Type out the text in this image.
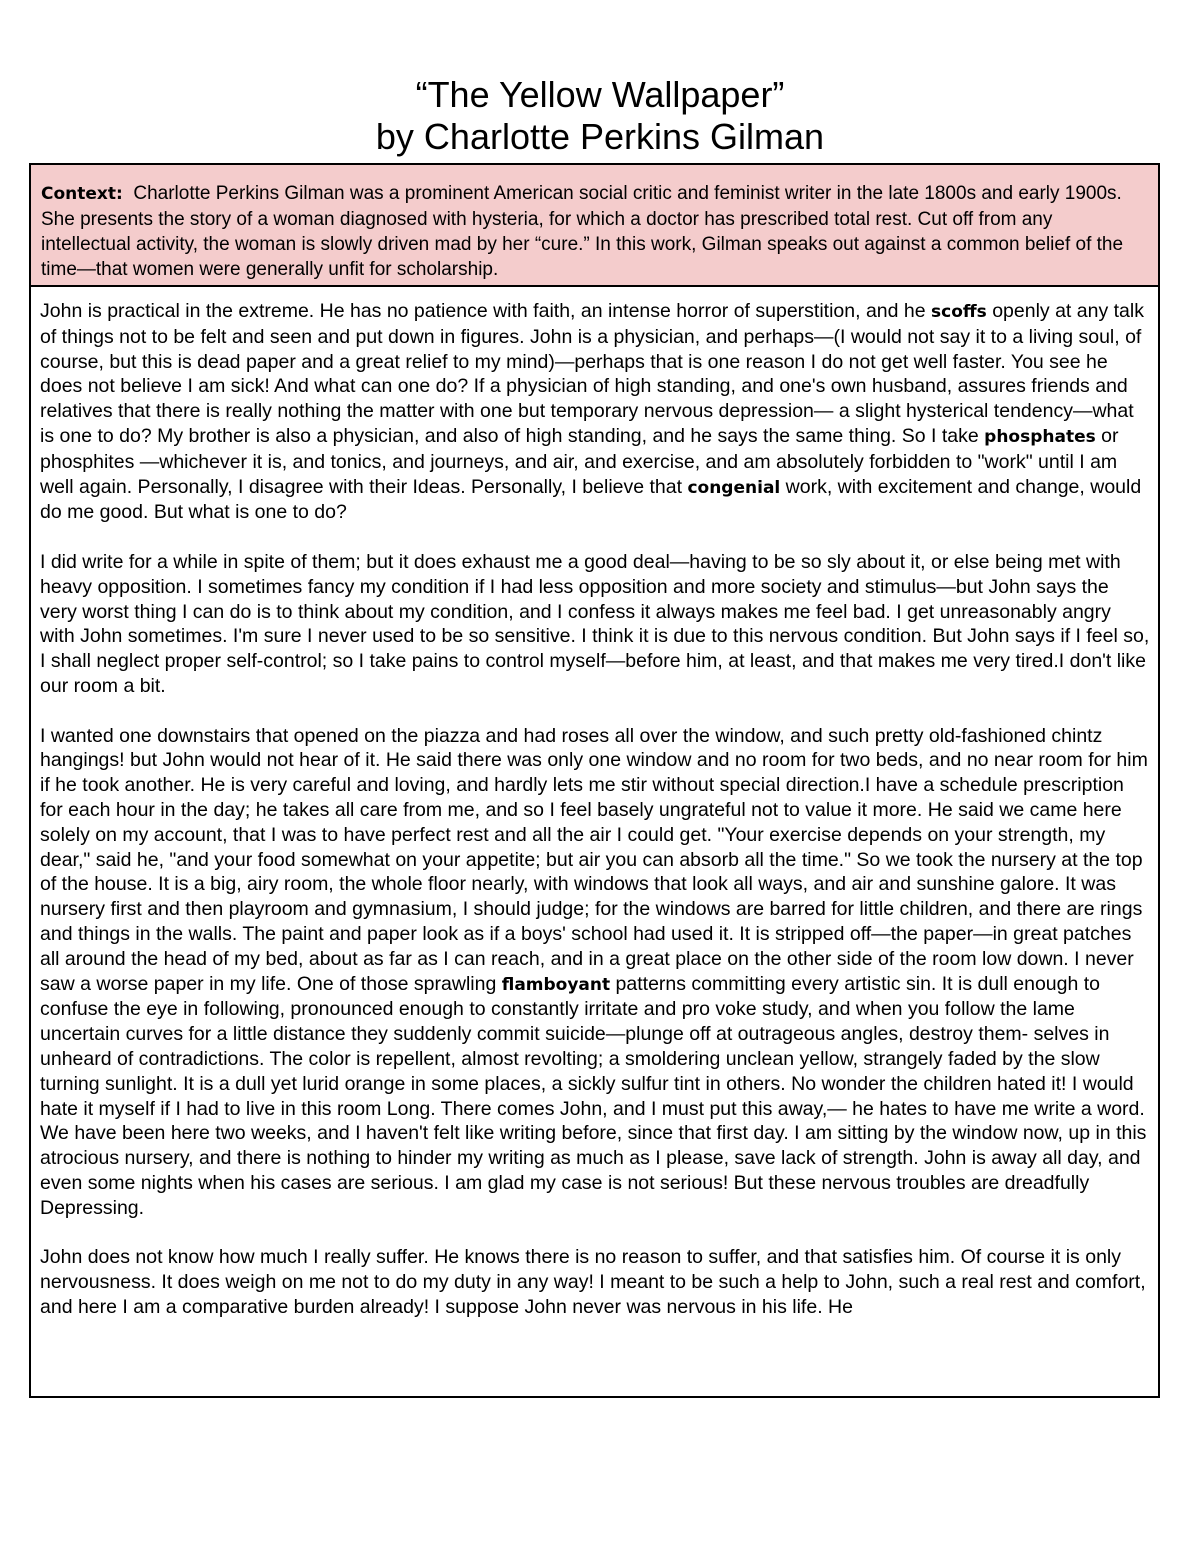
“The Yellow Wallpaper”
by Charlotte Perkins Gilman
Context: Charlotte Perkins Gilman was a prominent American social critic and feminist writer in the late 1800s and early 1900s. She presents the story of a woman diagnosed with hysteria, for which a doctor has prescribed total rest. Cut off from any intellectual activity, the woman is slowly driven mad by her “cure.” In this work, Gilman speaks out against a common belief of the time—that women were generally unfit for scholarship.

John is practical in the extreme. He has no patience with faith, an intense horror of superstition, and he scoffs openly at any talk of things not to be felt and seen and put down in figures. John is a physician, and perhaps—(I would not say it to a living soul, of course, but this is dead paper and a great relief to my mind)—perhaps that is one reason I do not get well faster. You see he does not believe I am sick! And what can one do? If a physician of high standing, and one's own husband, assures friends and relatives that there is really nothing the matter with one but temporary nervous depression— a slight hysterical tendency—what is one to do? My brother is also a physician, and also of high standing, and he says the same thing. So I take phosphates or phosphites —whichever it is, and tonics, and journeys, and air, and exercise, and am absolutely forbidden to "work" until I am well again. Personally, I disagree with their Ideas. Personally, I believe that congenial work, with excitement and change, would do me good. But what is one to do?

I did write for a while in spite of them; but it does exhaust me a good deal—having to be so sly about it, or else being met with heavy opposition. I sometimes fancy my condition if I had less opposition and more society and stimulus—but John says the very worst thing I can do is to think about my condition, and I confess it always makes me feel bad. I get unreasonably angry with John sometimes. I'm sure I never used to be so sensitive. I think it is due to this nervous condition. But John says if I feel so, I shall neglect proper self-control; so I take pains to control myself—before him, at least, and that makes me very tired.I don't like our room a bit.

I wanted one downstairs that opened on the piazza and had roses all over the window, and such pretty old-fashioned chintz hangings! but John would not hear of it. He said there was only one window and no room for two beds, and no near room for him if he took another. He is very careful and loving, and hardly lets me stir without special direction.I have a schedule prescription for each hour in the day; he takes all care from me, and so I feel basely ungrateful not to value it more. He said we came here solely on my account, that I was to have perfect rest and all the air I could get. "Your exercise depends on your strength, my dear," said he, "and your food somewhat on your appetite; but air you can absorb all the time." So we took the nursery at the top of the house. It is a big, airy room, the whole floor nearly, with windows that look all ways, and air and sunshine galore. It was nursery first and then playroom and gymnasium, I should judge; for the windows are barred for little children, and there are rings and things in the walls. The paint and paper look as if a boys' school had used it. It is stripped off—the paper—in great patches all around the head of my bed, about as far as I can reach, and in a great place on the other side of the room low down. I never saw a worse paper in my life. One of those sprawling flamboyant patterns committing every artistic sin. It is dull enough to confuse the eye in following, pronounced enough to constantly irritate and pro voke study, and when you follow the lame uncertain curves for a little distance they suddenly commit suicide—plunge off at outrageous angles, destroy them- selves in unheard of contradictions. The color is repellent, almost revolting; a smoldering unclean yellow, strangely faded by the slow turning sunlight. It is a dull yet lurid orange in some places, a sickly sulfur tint in others. No wonder the children hated it! I would hate it myself if I had to live in this room Long. There comes John, and I must put this away,— he hates to have me write a word. We have been here two weeks, and I haven't felt like writing before, since that first day. I am sitting by the window now, up in this atrocious nursery, and there is nothing to hinder my writing as much as I please, save lack of strength. John is away all day, and even some nights when his cases are serious. I am glad my case is not serious! But these nervous troubles are dreadfully Depressing.

John does not know how much I really suffer. He knows there is no reason to suffer, and that satisfies him. Of course it is only nervousness. It does weigh on me not to do my duty in any way! I meant to be such a help to John, such a real rest and comfort, and here I am a comparative burden already! I suppose John never was nervous in his life. He
